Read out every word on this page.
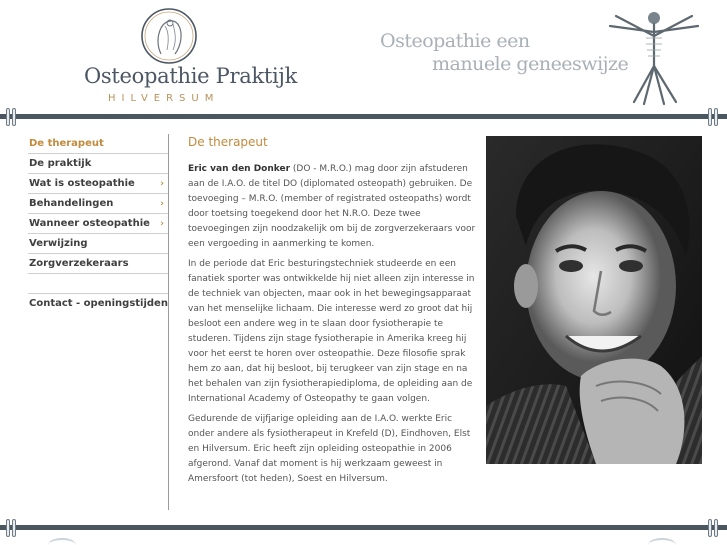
Osteopathie Praktijk
HILVERSUM
Osteopathie een
manuele geneeswijze
De therapeut
De praktijk
Wat is osteopathie	›
Behandelingen	›
Wanneer osteopathie ›
Verwijzing
Zorgverzekeraars
Contact - openingstijden
De therapeut

Eric van den Donker (DO - M.R.O.) mag door zijn afstuderen aan de I.A.O. de titel DO (diplomated osteopath) gebruiken. De toevoeging – M.R.O. (member of registrated osteopaths) wordt door toetsing toegekend door het N.R.O. Deze twee toevoegingen zijn noodzakelijk om bij de zorgverzekeraars voor een vergoeding in aanmerking te komen.

In de periode dat Eric besturingstechniek studeerde en een fanatiek sporter was ontwikkelde hij niet alleen zijn interesse in de techniek van objecten, maar ook in het bewegingsapparaat van het menselijke lichaam. Die interesse werd zo groot dat hij besloot een andere weg in te slaan door fysiotherapie te studeren. Tijdens zijn stage fysiotherapie in Amerika kreeg hij voor het eerst te horen over osteopathie. Deze filosofie sprak hem zo aan, dat hij besloot, bij terugkeer van zijn stage en na het behalen van zijn fysiotherapiediploma, de opleiding aan de International Academy of Osteopathy te gaan volgen.

Gedurende de vijfjarige opleiding aan de I.A.O. werkte Eric onder andere als fysiotherapeut in Krefeld (D), Eindhoven, Elst en Hilversum. Eric heeft zijn opleiding osteopathie in 2006 afgerond. Vanaf dat moment is hij werkzaam geweest in Amersfoort (tot heden), Soest en Hilversum.
